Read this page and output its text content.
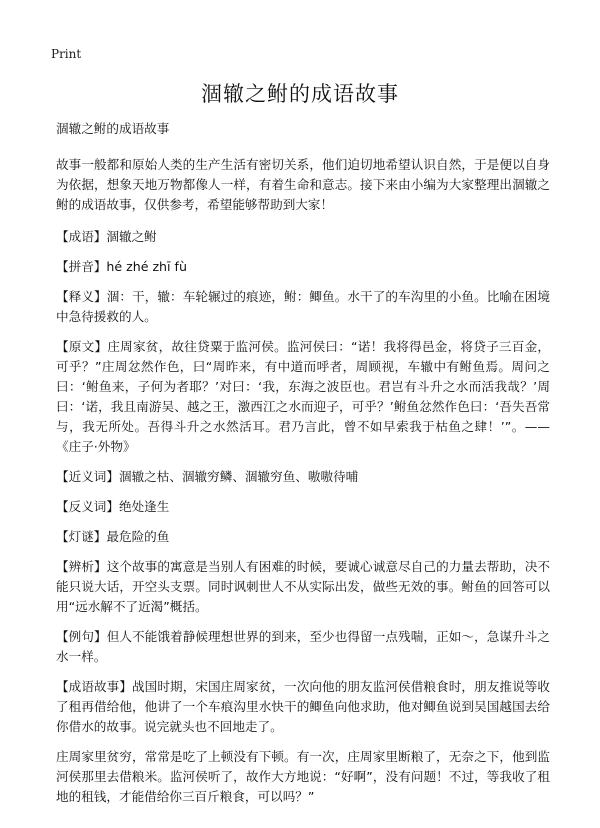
Print
涸辙之鲋的成语故事

涸辙之鲋的成语故事

故事一般都和原始人类的生产生活有密切关系，他们迫切地希望认识自然，于是便以自身为依据，想象天地万物都像人一样，有着生命和意志。接下来由小编为大家整理出涸辙之鲋的成语故事，仅供参考，希望能够帮助到大家！

【成语】涸辙之鲋

【拼音】hé zhé zhī fù

【释义】涸：干，辙：车轮辗过的痕迹，鲋：鲫鱼。水干了的车沟里的小鱼。比喻在困境中急待援救的人。

【原文】庄周家贫，故往贷粟于监河侯。监河侯曰：“诺！我将得邑金，将贷子三百金，可乎？”庄周忿然作色，曰“周昨来，有中道而呼者，周顾视，车辙中有鲋鱼焉。周问之曰：‘鲋鱼来，子何为者耶？’对曰：‘我，东海之波臣也。君岂有斗升之水而活我哉？’周曰：‘诺，我且南游吴、越之王，激西江之水而迎子，可乎？’鲋鱼忿然作色曰：‘吾失吾常与，我无所处。吾得斗升之水然活耳。君乃言此，曾不如早索我于枯鱼之肆！’”。——《庄子·外物》

【近义词】涸辙之枯、涸辙穷鳞、涸辙穷鱼、嗷嗷待哺

【反义词】绝处逢生

【灯谜】最危险的鱼

【辨析】这个故事的寓意是当别人有困难的时候，要诚心诚意尽自己的力量去帮助，决不能只说大话，开空头支票。同时讽刺世人不从实际出发，做些无效的事。鲋鱼的回答可以用“远水解不了近渴”概括。

【例句】但人不能饿着静候理想世界的到来，至少也得留一点残喘，正如～，急谋升斗之水一样。

【成语故事】战国时期，宋国庄周家贫，一次向他的朋友监河侯借粮食时，朋友推说等收了租再借给他，他讲了一个车痕沟里水快干的鲫鱼向他求助，他对鲫鱼说到吴国越国去给你借水的故事。说完就头也不回地走了。

庄周家里贫穷，常常是吃了上顿没有下顿。有一次，庄周家里断粮了，无奈之下，他到监河侯那里去借粮米。监河侯听了，故作大方地说：“好啊”，没有问题！不过，等我收了租地的租钱，才能借给你三百斤粮食，可以吗？”
